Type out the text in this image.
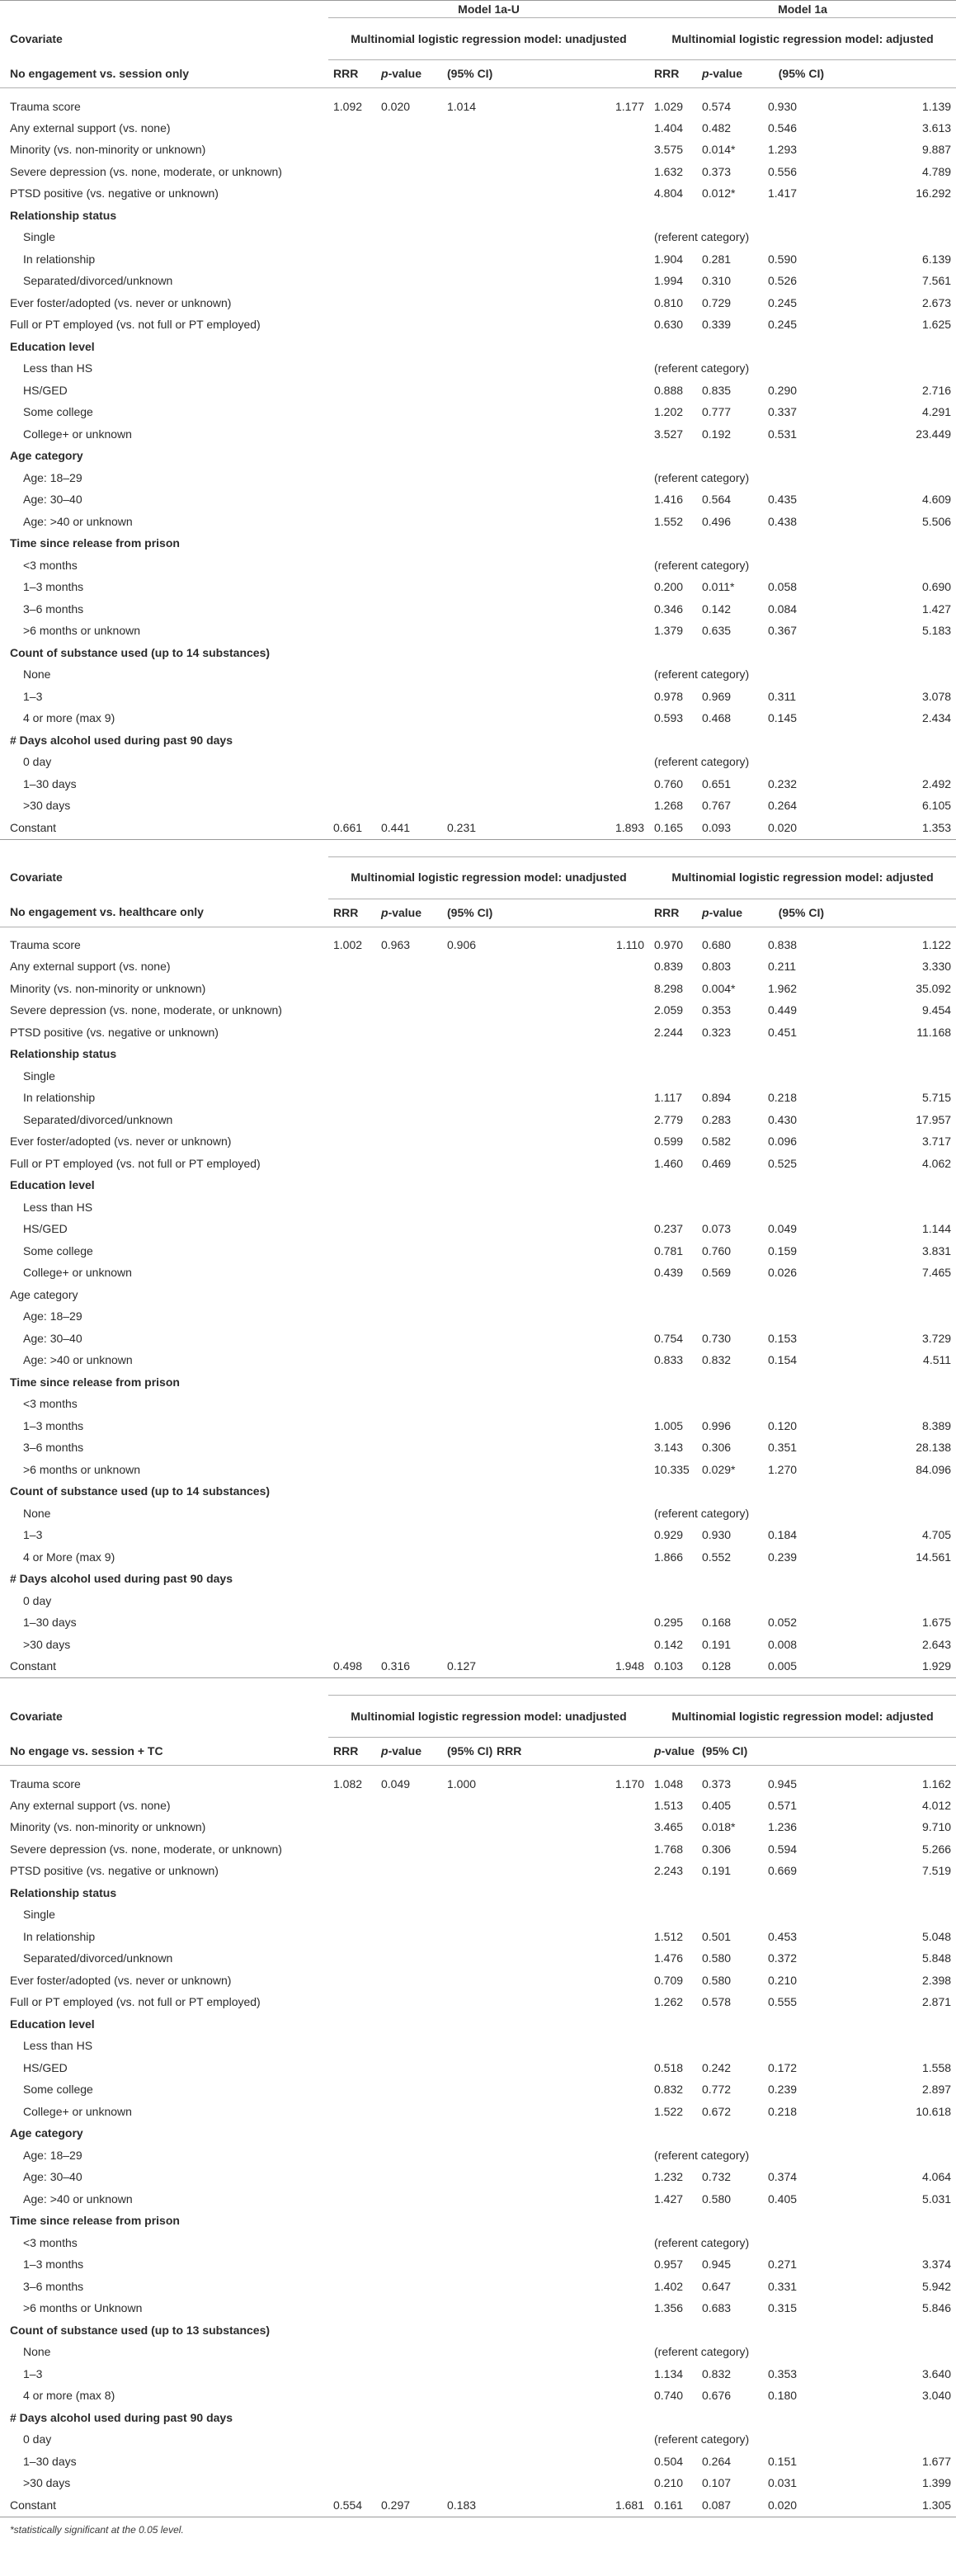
	Model 1a-U				Model 1a			
Covariate	Multinomial logistic regression model: unadjusted				Multinomial logistic regression model: adjusted			
No engagement vs. session only	RRR	p-value	(95% CI)		RRR	p-value	(95% CI)	
Trauma score	1.092	0.020	1.014	1.177	1.029	0.574	0.930	1.139
Any external support (vs. none)					1.404	0.482	0.546	3.613
Minority (vs. non-minority or unknown)					3.575	0.014*	1.293	9.887
Severe depression (vs. none, moderate, or unknown)					1.632	0.373	0.556	4.789
PTSD positive (vs. negative or unknown)					4.804	0.012*	1.417	16.292
Relationship status								
Single					(referent category)			
In relationship					1.904	0.281	0.590	6.139
Separated/divorced/unknown					1.994	0.310	0.526	7.561
Ever foster/adopted (vs. never or unknown)					0.810	0.729	0.245	2.673
Full or PT employed (vs. not full or PT employed)					0.630	0.339	0.245	1.625
Education level								
Less than HS					(referent category)			
HS/GED					0.888	0.835	0.290	2.716
Some college					1.202	0.777	0.337	4.291
College+ or unknown					3.527	0.192	0.531	23.449
Age category								
Age: 18–29					(referent category)			
Age: 30–40					1.416	0.564	0.435	4.609
Age: >40 or unknown					1.552	0.496	0.438	5.506
Time since release from prison								
<3 months					(referent category)			
1–3 months					0.200	0.011*	0.058	0.690
3–6 months					0.346	0.142	0.084	1.427
>6 months or unknown					1.379	0.635	0.367	5.183
Count of substance used (up to 14 substances)								
None					(referent category)			
1–3					0.978	0.969	0.311	3.078
4 or more (max 9)					0.593	0.468	0.145	2.434
# Days alcohol used during past 90 days								
0 day					(referent category)			
1–30 days					0.760	0.651	0.232	2.492
>30 days					1.268	0.767	0.264	6.105
Constant	0.661	0.441	0.231	1.893	0.165	0.093	0.020	1.353

Covariate	Multinomial logistic regression model: unadjusted				Multinomial logistic regression model: adjusted			
No engagement vs. healthcare only	RRR	p-value	(95% CI)		RRR	p-value	(95% CI)	
Trauma score	1.002	0.963	0.906	1.110	0.970	0.680	0.838	1.122
Any external support (vs. none)					0.839	0.803	0.211	3.330
Minority (vs. non-minority or unknown)					8.298	0.004*	1.962	35.092
Severe depression (vs. none, moderate, or unknown)					2.059	0.353	0.449	9.454
PTSD positive (vs. negative or unknown)					2.244	0.323	0.451	11.168
Relationship status								
Single								
In relationship					1.117	0.894	0.218	5.715
Separated/divorced/unknown					2.779	0.283	0.430	17.957
Ever foster/adopted (vs. never or unknown)					0.599	0.582	0.096	3.717
Full or PT employed (vs. not full or PT employed)					1.460	0.469	0.525	4.062
Education level								
Less than HS								
HS/GED					0.237	0.073	0.049	1.144
Some college					0.781	0.760	0.159	3.831
College+ or unknown					0.439	0.569	0.026	7.465
Age category								
Age: 18–29								
Age: 30–40					0.754	0.730	0.153	3.729
Age: >40 or unknown					0.833	0.832	0.154	4.511
Time since release from prison								
<3 months								
1–3 months					1.005	0.996	0.120	8.389
3–6 months					3.143	0.306	0.351	28.138
>6 months or unknown					10.335	0.029*	1.270	84.096
Count of substance used (up to 14 substances)								
None					(referent category)			
1–3					0.929	0.930	0.184	4.705
4 or More (max 9)					1.866	0.552	0.239	14.561
# Days alcohol used during past 90 days								
0 day								
1–30 days					0.295	0.168	0.052	1.675
>30 days					0.142	0.191	0.008	2.643
Constant	0.498	0.316	0.127	1.948	0.103	0.128	0.005	1.929

Covariate	Multinomial logistic regression model: unadjusted				Multinomial logistic regression model: adjusted			
No engage vs. session + TC	RRR	p-value	(95% CI)	RRR	p-value	(95% CI)		
Trauma score	1.082	0.049	1.000	1.170	1.048	0.373	0.945	1.162
Any external support (vs. none)					1.513	0.405	0.571	4.012
Minority (vs. non-minority or unknown)					3.465	0.018*	1.236	9.710
Severe depression (vs. none, moderate, or unknown)					1.768	0.306	0.594	5.266
PTSD positive (vs. negative or unknown)					2.243	0.191	0.669	7.519
Relationship status								
Single								
In relationship					1.512	0.501	0.453	5.048
Separated/divorced/unknown					1.476	0.580	0.372	5.848
Ever foster/adopted (vs. never or unknown)					0.709	0.580	0.210	2.398
Full or PT employed (vs. not full or PT employed)					1.262	0.578	0.555	2.871
Education level								
Less than HS								
HS/GED					0.518	0.242	0.172	1.558
Some college					0.832	0.772	0.239	2.897
College+ or unknown					1.522	0.672	0.218	10.618
Age category								
Age: 18–29					(referent category)			
Age: 30–40					1.232	0.732	0.374	4.064
Age: >40 or unknown					1.427	0.580	0.405	5.031
Time since release from prison								
<3 months					(referent category)			
1–3 months					0.957	0.945	0.271	3.374
3–6 months					1.402	0.647	0.331	5.942
>6 months or Unknown					1.356	0.683	0.315	5.846
Count of substance used (up to 13 substances)								
None					(referent category)			
1–3					1.134	0.832	0.353	3.640
4 or more (max 8)					0.740	0.676	0.180	3.040
# Days alcohol used during past 90 days								
0 day					(referent category)			
1–30 days					0.504	0.264	0.151	1.677
>30 days					0.210	0.107	0.031	1.399
Constant	0.554	0.297	0.183	1.681	0.161	0.087	0.020	1.305
*statistically significant at the 0.05 level.
